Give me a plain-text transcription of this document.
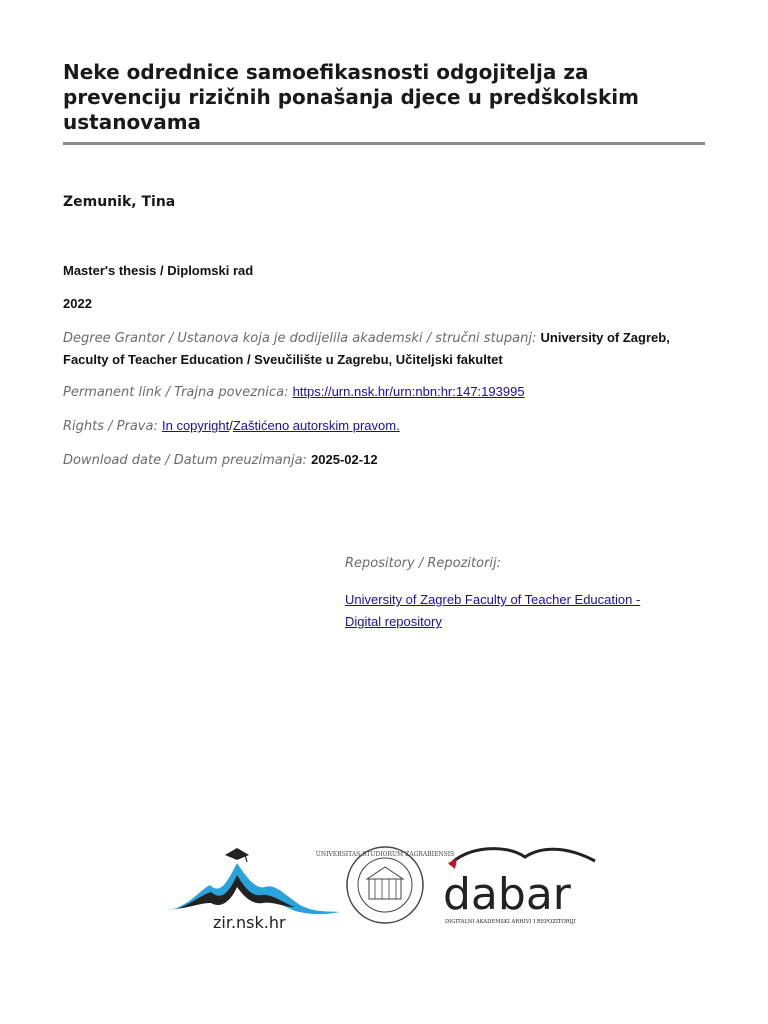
Neke odrednice samoefikasnosti odgojitelja za prevenciju rizičnih ponašanja djece u predškolskim ustanovama
Zemunik, Tina
Master's thesis / Diplomski rad
2022
Degree Grantor / Ustanova koja je dodijelila akademski / stručni stupanj: University of Zagreb, Faculty of Teacher Education / Sveučilište u Zagrebu, Učiteljski fakultet
Permanent link / Trajna poveznica: https://urn.nsk.hr/urn:nbn:hr:147:193995
Rights / Prava: In copyright/Zaštićeno autorskim pravom.
Download date / Datum preuzimanja: 2025-02-12
Repository / Repozitorij:
University of Zagreb Faculty of Teacher Education -
Digital repository
zir.nsk.hr
UNIVERSITAS STUDIORUM ZAGRABIENSIS
dabar
DIGITALNI AKADEMSKI ARHIVI I REPOZITORIJI
